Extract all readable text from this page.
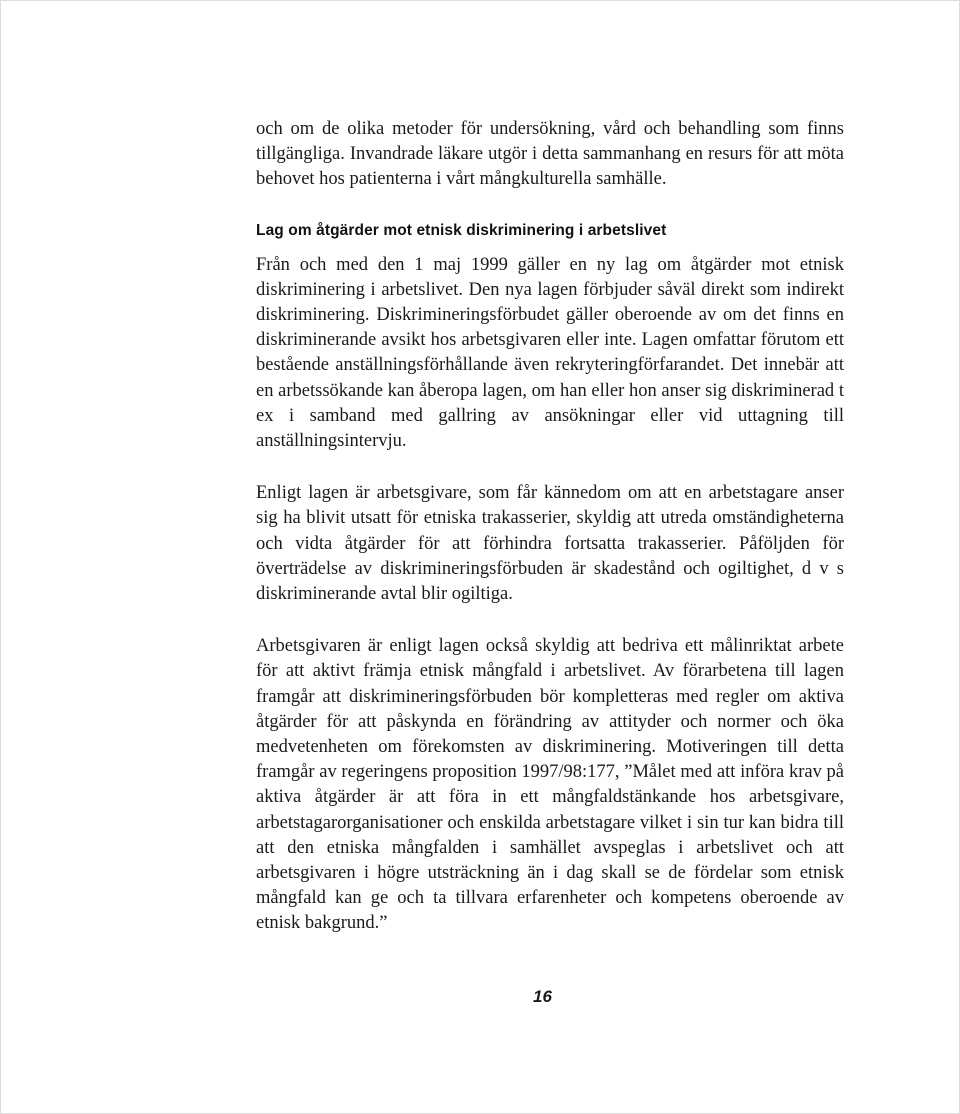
och om de olika metoder för undersökning, vård och behandling som finns tillgängliga. Invandrade läkare utgör i detta sammanhang en resurs för att möta behovet hos patienterna i vårt mångkulturella samhälle.

Lag om åtgärder mot etnisk diskriminering i arbetslivet

Från och med den 1 maj 1999 gäller en ny lag om åtgärder mot etnisk diskriminering i arbetslivet. Den nya lagen förbjuder såväl direkt som indirekt diskriminering. Diskrimineringsförbudet gäller oberoende av om det finns en diskriminerande avsikt hos arbetsgivaren eller inte. Lagen omfattar förutom ett bestående anställningsförhållande även rekryteringförfarandet. Det innebär att en arbetssökande kan åberopa lagen, om han eller hon anser sig diskriminerad t ex i samband med gallring av ansökningar eller vid uttagning till anställningsintervju.

Enligt lagen är arbetsgivare, som får kännedom om att en arbetstagare anser sig ha blivit utsatt för etniska trakasserier, skyldig att utreda omständigheterna och vidta åtgärder för att förhindra fortsatta trakasserier. Påföljden för överträdelse av diskrimineringsförbuden är skadestånd och ogiltighet, d v s diskriminerande avtal blir ogiltiga.

Arbetsgivaren är enligt lagen också skyldig att bedriva ett målinriktat arbete för att aktivt främja etnisk mångfald i arbetslivet. Av förarbetena till lagen framgår att diskrimineringsförbuden bör kompletteras med regler om aktiva åtgärder för att påskynda en förändring av attityder och normer och öka medvetenheten om förekomsten av diskriminering. Motiveringen till detta framgår av regeringens proposition 1997/98:177, ”Målet med att införa krav på aktiva åtgärder är att föra in ett mångfaldstänkande hos arbetsgivare, arbetstagarorganisationer och enskilda arbetstagare vilket i sin tur kan bidra till att den etniska mångfalden i samhället avspeglas i arbetslivet och att arbetsgivaren i högre utsträckning än i dag skall se de fördelar som etnisk mångfald kan ge och ta tillvara erfarenheter och kompetens oberoende av etnisk bakgrund.”

16
